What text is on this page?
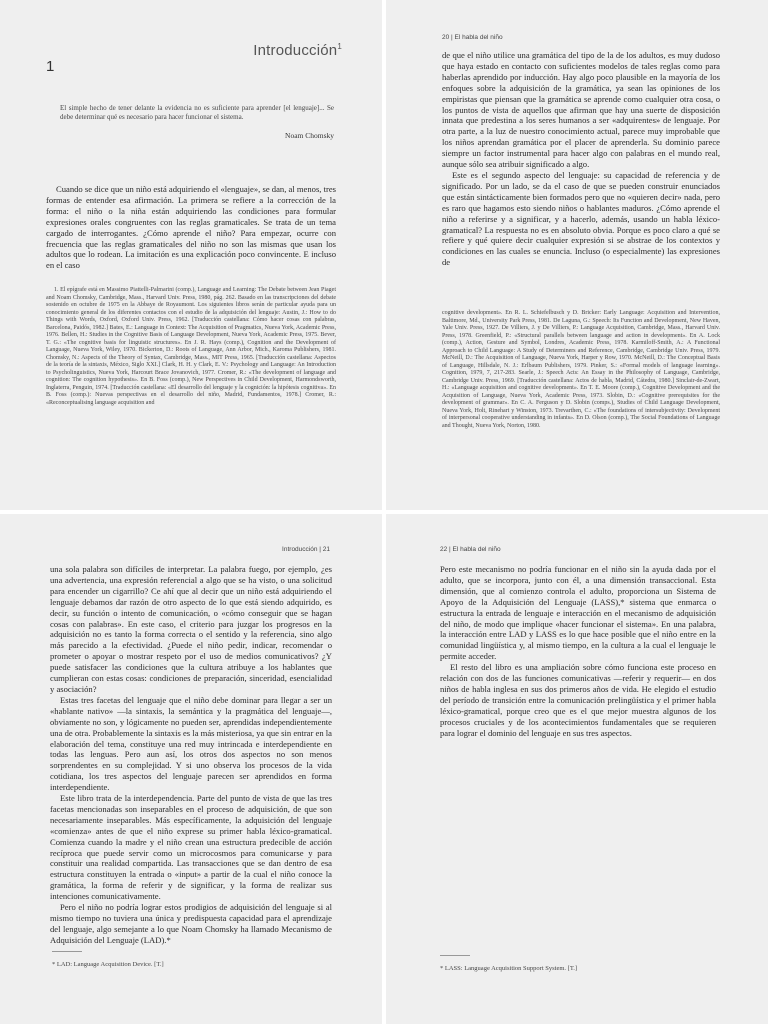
Introducción$^1$
1
El simple hecho de tener delante la evidencia no es suficiente para aprender [el lenguaje]... Se debe determinar qué es necesario para hacer funcionar el sistema.
Noam Chomsky

Cuando se dice que un niño está adquiriendo el «lenguaje», se dan, al menos, tres formas de entender esa afirmación. La primera se refiere a la corrección de la forma: el niño o la niña están adquiriendo las condiciones para formular expresiones orales congruentes con las reglas gramaticales. Se trata de un tema cargado de interrogantes. ¿Cómo aprende el niño? Para empezar, ocurre con frecuencia que las reglas gramaticales del niño no son las mismas que usan los adultos que lo rodean. La imitación es una explicación poco convincente. E incluso en el caso

1. El epígrafe está en Massimo Piattelli-Palmarini (comp.), Language and Learning: The Debate between Jean Piaget and Noam Chomsky, Cambridge, Mass., Harvard Univ. Press, 1980, pág. 262. Basado en las transcripciones del debate sostenido en octubre de 1975 en la Abbaye de Royaumont. Los siguientes libros serán de particular ayuda para un conocimiento general de los diferentes contactos con el estudio de la adquisición del lenguaje: Austin, J.: How to do Things with Words, Oxford, Oxford Univ. Press, 1962. [Traducción castellana: Cómo hacer cosas con palabras, Barcelona, Paidós, 1982.] Bates, E.: Language in Context: The Acquisition of Pragmatics, Nueva York, Academic Press, 1976. Bellen, H.: Studies in the Cognitive Basis of Language Development, Nueva York, Academic Press, 1975. Bever, T. G.: «The cognitive basis for linguistic structures». En J. R. Hays (comp.), Cognition and the Development of Language, Nueva York, Wiley, 1970. Bickerton, D.: Roots of Language, Ann Arbor, Mich., Karoma Publishers, 1981. Chomsky, N.: Aspects of the Theory of Syntax, Cambridge, Mass., MIT Press, 1965. [Traducción castellana: Aspectos de la teoría de la sintaxis, México, Siglo XXI.] Clark, H. H. y Clark, E. V.: Psychology and Language: An Introduction to Psycholinguistics, Nueva York, Harcourt Brace Jovanovich, 1977. Cromer, R.: «The development of language and cognition: The cognition hypothesis». En B. Foss (comp.), New Perspectives in Child Development, Harmondsworth, Inglaterra, Penguin, 1974. [Traducción castellana: «El desarrollo del lenguaje y la cognición: la hipótesis cognitiva». En B. Foss (comp.): Nuevas perspectivas en el desarrollo del niño, Madrid, Fundamentos, 1978.] Cromer, R.: «Reconceptualising language acquisition and

20 | El habla del niño

de que el niño utilice una gramática del tipo de la de los adultos, es muy dudoso que haya estado en contacto con suficientes modelos de tales reglas como para haberlas aprendido por inducción. Hay algo poco plausible en la mayoría de los enfoques sobre la adquisición de la gramática, ya sean las opiniones de los empiristas que piensan que la gramática se aprende como cualquier otra cosa, o los puntos de vista de aquellos que afirman que hay una suerte de disposición innata que predestina a los seres humanos a ser «adquirentes» de lenguaje. Por otra parte, a la luz de nuestro conocimiento actual, parece muy improbable que los niños aprendan gramática por el placer de aprenderla. Su dominio parece siempre un factor instrumental para hacer algo con palabras en el mundo real, aunque sólo sea atribuir significado a algo.

Este es el segundo aspecto del lenguaje: su capacidad de referencia y de significado. Por un lado, se da el caso de que se pueden construir enunciados que están sintácticamente bien formados pero que no «quieren decir» nada, pero es raro que hagamos esto siendo niños o hablantes maduros. ¿Cómo aprende el niño a referirse y a significar, y a hacerlo, además, usando un habla léxico-gramatical? La respuesta no es en absoluto obvia. Porque es poco claro a qué se refiere y qué quiere decir cualquier expresión si se abstrae de los contextos y condiciones en las cuales se enuncia. Incluso (o especialmente) las expresiones de

cognitive development». En R. L. Schiefelbusch y D. Bricker: Early Language: Acquisition and Intervention, Baltimore, Md., University Park Press, 1981. De Laguna, G.: Speech: Its Function and Development, New Haven, Yale Univ. Press, 1927. De Villiers, J. y De Villiers, P.: Language Acquisition, Cambridge, Mass., Harvard Univ. Press, 1978. Greenfield, P.: «Structural parallels between language and action in development». En A. Lock (comp.), Action, Gesture and Symbol, Londres, Academic Press, 1978. Karmiloff-Smith, A.: A Functional Approach to Child Language: A Study of Determiners and Reference, Cambridge, Cambridge Univ. Press, 1979. McNeill, D.: The Acquisition of Language, Nueva York, Harper y Row, 1970. McNeill, D.: The Conceptual Basis of Language, Hillsdale, N. J.: Erlbaum Publishers, 1979. Pinker, S.: «Formal models of language learning». Cognition, 1979, 7, 217-283. Searle, J.: Speech Acts: An Essay in the Philosophy of Language, Cambridge, Cambridge Univ. Press, 1969. [Traducción castellana: Actos de habla, Madrid, Cátedra, 1980.] Sinclair-de-Zwart, H.: «Language acquisition and cognitive development». En T. E. Moore (comp.), Cognitive Development and the Acquisition of Language, Nueva York, Academic Press, 1973. Slobin, D.: «Cognitive prerequisites for the development of grammar». En C. A. Ferguson y D. Slobin (comps.), Studies of Child Language Development, Nueva York, Holt, Rinehart y Winston, 1973. Trevarthen, C.: «The foundations of intersubjectivity: Development of interpersonal cooperative understanding in infants». En D. Olson (comp.), The Social Foundations of Language and Thought, Nueva York, Norton, 1980.

Introducción | 21

una sola palabra son difíciles de interpretar. La palabra fuego, por ejemplo, ¿es una advertencia, una expresión referencial a algo que se ha visto, o una solicitud para encender un cigarrillo? Ce ahí que al decir que un niño está adquiriendo el lenguaje debamos dar razón de otro aspecto de lo que está siendo adquirido, es decir, su función o intento de comunicación, o «cómo conseguir que se hagan cosas con palabras». En este caso, el criterio para juzgar los progresos en la adquisición no es tanto la forma correcta o el sentido y la referencia, sino algo más parecido a la efectividad. ¿Puede el niño pedir, indicar, recomendar o prometer o apoyar o mostrar respeto por el uso de medios comunicativos? ¿Y puede satisfacer las condiciones que la cultura atribuye a los hablantes que cumplieran con estas cosas: condiciones de preparación, sinceridad, esencialidad y asociación?

Estas tres facetas del lenguaje que el niño debe dominar para llegar a ser un «hablante nativo» —la sintaxis, la semántica y la pragmática del lenguaje—, obviamente no son, y lógicamente no pueden ser, aprendidas independientemente una de otra. Probablemente la sintaxis es la más misteriosa, ya que sin entrar en la elaboración del tema, constituye una red muy intrincada e interdependiente en todas las lenguas. Pero aun así, los otros dos aspectos no son menos sorprendentes en su complejidad. Y si uno observa los procesos de la vida cotidiana, los tres aspectos del lenguaje parecen ser aprendidos en forma interdependiente.

Este libro trata de la interdependencia. Parte del punto de vista de que las tres facetas mencionadas son inseparables en el proceso de adquisición, de que son necesariamente inseparables. Más específicamente, la adquisición del lenguaje «comienza» antes de que el niño exprese su primer habla léxico-gramatical. Comienza cuando la madre y el niño crean una estructura predecible de acción recíproca que puede servir como un microcosmos para comunicarse y para constituir una realidad compartida. Las transacciones que se dan dentro de esa estructura constituyen la entrada o «input» a partir de la cual el niño conoce la gramática, la forma de referir y de significar, y la forma de realizar sus intenciones comunicativamente.

Pero el niño no podría lograr estos prodigios de adquisición del lenguaje si al mismo tiempo no tuviera una única y predispuesta capacidad para el aprendizaje del lenguaje, algo semejante a lo que Noam Chomsky ha llamado Mecanismo de Adquisición del Lenguaje (LAD).*

* LAD: Language Acquisition Device. [T.]
22 | El habla del niño

Pero este mecanismo no podría funcionar en el niño sin la ayuda dada por el adulto, que se incorpora, junto con él, a una dimensión transaccional. Esta dimensión, que al comienzo controla el adulto, proporciona un Sistema de Apoyo de la Adquisición del Lenguaje (LASS),* sistema que enmarca o estructura la entrada de lenguaje e interacción en el mecanismo de adquisición del niño, de modo que implique «hacer funcionar el sistema». En una palabra, la interacción entre LAD y LASS es lo que hace posible que el niño entre en la comunidad lingüística y, al mismo tiempo, en la cultura a la cual el lenguaje le permite acceder.

El resto del libro es una ampliación sobre cómo funciona este proceso en relación con dos de las funciones comunicativas —referir y requerir— en dos niños de habla inglesa en sus dos primeros años de vida. He elegido el estudio del período de transición entre la comunicación prelingüística y el primer habla léxico-gramatical, porque creo que es el que mejor muestra algunos de los procesos cruciales y de los acontecimientos fundamentales que se requieren para lograr el dominio del lenguaje en sus tres aspectos.

* LASS: Language Acquisition Support System. [T.]
